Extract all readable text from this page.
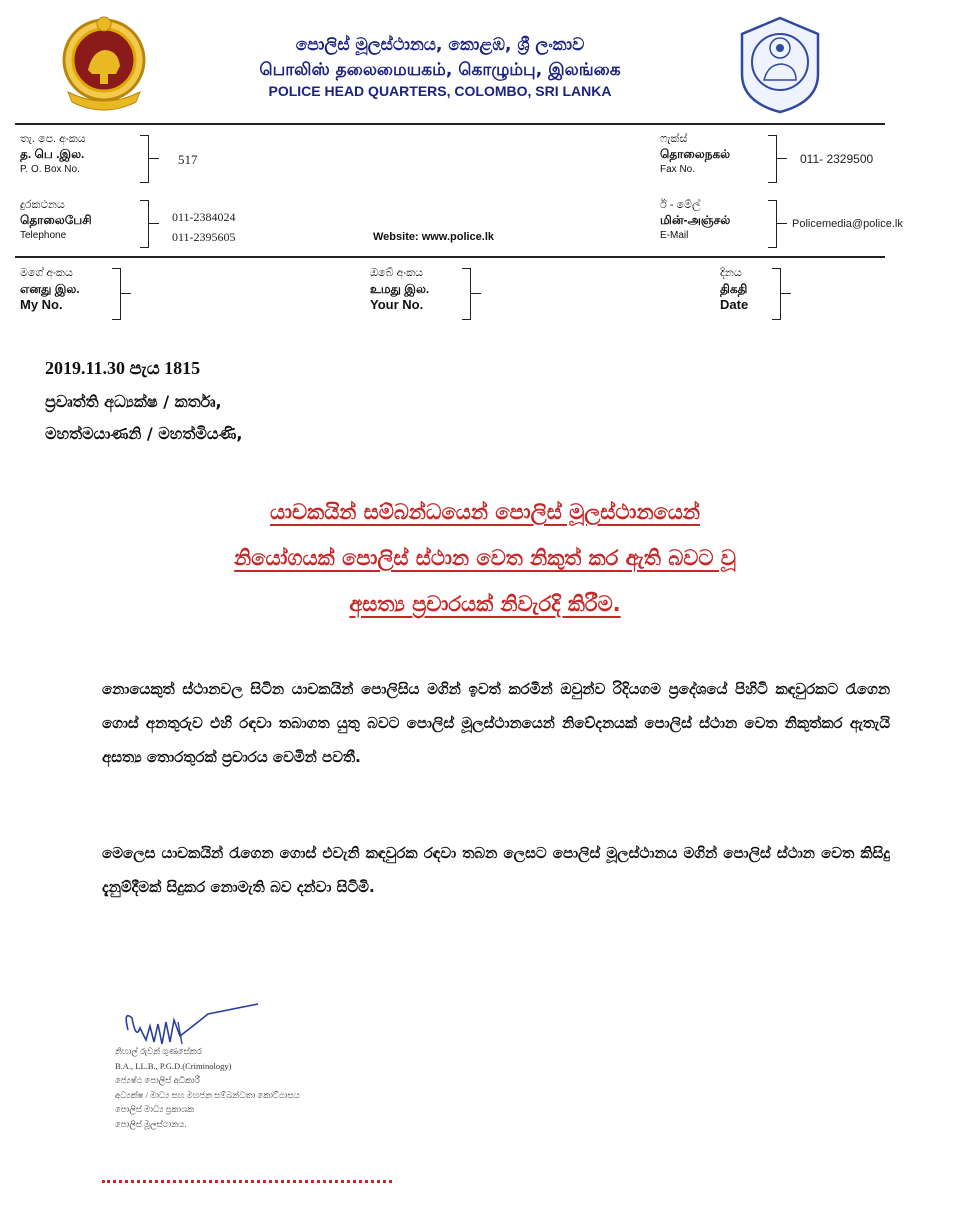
පොලිස් මූලස්ථානය, කොළඹ, ශ්‍රී ලංකාව
பொலிஸ் தலைமையகம், கொழும்பு, இலங்கை
POLICE HEAD QUARTERS, COLOMBO, SRI LANKA
තැ. පෙ. අංකය
த. பெ .இல.
P. O. Box No.
517
ෆැක්ස්
தொலைநகல்
Fax No.
011- 2329500
දුරකථනය
தொலைபேசி
Telephone
011-2384024
011-2395605	Website: www.police.lk
ඊ - මේල්
மின்-அஞ்சல்
E-Mail
Policemedia@police.lk
මගේ අංකය
எனது இல.
My No.
ඔබේ අංකය
உமது இல.
Your No.
දිනය
திகதி
Date
2019.11.30 පැය 1815
ප්‍රවෘත්ති අධ්‍යක්ෂ / කර්තෘ,
මහත්මයාණනි / මහත්මියණි,
යාචකයින් සම්බන්ධයෙන් පොලිස් මූලස්ථානයෙන්
නියෝගයක් පොලිස් ස්ථාන වෙත නිකුත් කර ඇති බවට වූ
අසත්‍ය ප්‍රචාරයක් නිවැරදි කිරීම.
නොයෙකුත් ස්ථානවල සිටින යාචකයින් පොලිසිය මගින් ඉවත් කරමින් ඔවුන්ව රිදියගම ප්‍රදේශයේ පිහිටි කඳවුරකට රැගෙන ගොස් අනතුරුව එහි රඳවා තබාගත යුතු බවට පොලිස් මූලස්ථානයෙන් නිවේදනයක් පොලිස් ස්ථාන වෙත නිකුත්කර ඇතැයි අසත්‍ය තොරතුරක් ප්‍රචාරය වෙමින් පවතී.
මෙලෙස යාචකයින් රැගෙන ගොස් එවැනි කඳවුරක රඳවා තබන ලෙසට පොලිස් මූලස්ථානය මගින් පොලිස් ස්ථාන වෙත කිසිදු දැනුම්දීමක් සිදුකර නොමැති බව දන්වා සිටිමි.
නිහාල් රුවන් ගුණසේකර
B.A., LL.B., P.G.D.(Criminology)
ජ්‍යෙෂ්ඨ පොලිස් අධිකාරී
අධ්‍යක්ෂ / මාධ්‍ය සහ මහජන සම්බන්ධතා කොට්ඨාසය
පොලිස් මාධ්‍ය ප්‍රකාශක
පොලිස් මූලස්ථානය.
